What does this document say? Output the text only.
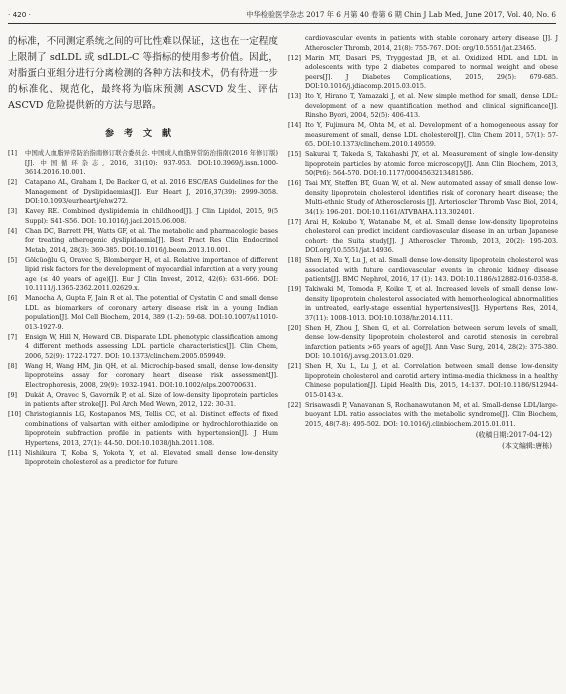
· 420 ·	中华检验医学杂志 2017 年 6 月第 40 卷第 6 期 Chin J Lab Med, June 2017, Vol. 40, No. 6

的标准，不同测定系统之间的可比性难以保证，这也在一定程度上限制了 sdLDL 或 sdLDL-C 等指标的使用参考价值。因此，对脂蛋白亚组分进行分离检测的各种方法和技术，仍有待进一步的标准化、规范化，最终将为临床预测 ASCVD 发生、评估 ASCVD 危险提供新的方法与思路。

参考文献
[1]	中国成人血脂异常防治指南修订联合委员会. 中国成人血脂异常防治指南(2016 年修订版)[J]. 中国循环杂志, 2016, 31(10): 937-953. DOI:10.3969/j.issn.1000-3614.2016.10.001.
[2]	Catapano AL, Graham I, De Backer G, et al. 2016 ESC/EAS Guidelines for the Management of Dyslipidaemias[J]. Eur Heart J, 2016,37(39): 2999-3058. DOI:10.1093/eurheartj/ehw272.
[3]	Kavey RE. Combined dyslipidemia in childhood[J]. J Clin Lipidol, 2015, 9(5 Suppl): S41-S56. DOI: 10.1016/j.jacl.2015.06.008.
[4]	Chan DC, Barrett PH, Watts GF, et al. The metabolic and pharmacologic bases for treating atherogenic dyslipidaemia[J]. Best Pract Res Clin Endocrinol Metab, 2014, 28(3): 369-385. DOI:10.1016/j.beem.2013.10.001.
[5]	Gölcüoğlu G, Oravec S, Blomberger H, et al. Relative importance of different lipid risk factors for the development of myocardial infarction at a very young age (≤ 40 years of age)[J]. Eur J Clin Invest, 2012, 42(6): 631-666. DOI: 10.1111/j.1365-2362.2011.02629.x.
[6]	Manocha A, Gupta F, Jain R et al. The potential of Cystatin C and small dense LDL as biomarkers of coronary artery disease risk in a young Indian population[J]. Mol Cell Biochem, 2014, 389 (1-2): 59-68. DOI:10.1007/s11010-013-1927-9.
[7]	Ensign W, Hill N, Heward CB. Disparate LDL phenotypic classification among 4 different methods assessing LDL particle characteristics[J]. Clin Chem, 2006, 52(9): 1722-1727. DOI: 10.1373/clinchem.2005.059949.
[8]	Wang H, Wang HM, Jin QH, et al. Microchip-based small, dense low-density lipoproteins assay for coronary heart disease risk assessment[J]. Electrophoresis, 2008, 29(9): 1932-1941. DOI:10.1002/elps.200700631.
[9]	Dukát A, Oravec S, Gavorník P, et al. Size of low-density lipoprotein particles in patients after stroke[J]. Pol Arch Med Wewn, 2012, 122: 30-31.
[10] Christogiannis LG, Kostapanos MS, Tellis CC, et al. Distinct effects of fixed combinations of valsartan with either amlodipine or hydrochlorothiazide on lipoprotein subfraction profile in patients with hypertension[J]. J Hum Hypertens, 2013, 27(1): 44-50. DOI:10.1038/jhh.2011.108.
[11] Nishikura T, Koba S, Yokota Y, et al. Elevated small dense low-density lipoprotein cholesterol as a predictor for future
cardiovascular events in patients with stable coronary artery disease [J]. J Atheroscler Thromb, 2014, 21(8): 755-767. DOI: org/10.5551/jat.23465.
[12] Marin MT, Dasari PS, Tryggestad JB, et al. Oxidized HDL and LDL in adolescents with type 2 diabetes compared to normal weight and obese peers[J]. J Diabetes Complications, 2015, 29(5): 679-685. DOI:10.1016/j.jdiacomp.2015.03.015.
[13] Ito Y, Hirano T, Yamazaki J, et al. New simple method for small, dense LDL: development of a new quantification method and clinical significance[J]. Rinsho Byori, 2004, 52(5): 406-413.
[14] Ito Y, Fujimura M, Ohta M, et al. Development of a homogeneous assay for measurement of small, dense LDL cholesterol[J]. Clin Chem 2011, 57(1): 57-65. DOI:10.1373/clinchem.2010.149559.
[15] Sakurai T, Takeda S, Takahashi JY, et al. Measurement of single low-density lipoprotein particles by atomic force microscopy[J]. Ann Clin Biochem, 2013, 50(Pt6): 564-570. DOI:10.1177/0004563213481586.
[16] Tsai MY, Steffen BT, Guan W, et al. New automated assay of small dense low-density lipoprotein cholesterol identifies risk of coronary heart disease; the Multi-ethnic Study of Atherosclerosis [J]. Arterioscler Thromb Vasc Biol, 2014, 34(1): 196-201. DOI:10.1161/ATVBAHA.113.302401.
[17] Arai H, Kokubo Y, Watanabe M, et al. Small dense low-density lipoproteins cholesterol can predict incident cardiovascular disease in an urban Japanese cohort: the Suita study[J]. J Atheroscler Thromb, 2013, 20(2): 195-203. DOI.org/10.5551/jat.14936.
[18] Shen H, Xu Y, Lu J, et al. Small dense low-density lipoprotein cholesterol was associated with future cardiovascular events in chronic kidney disease patients[J]. BMC Nephrol, 2016, 17 (1): 143. DOI:10.1186/s12882-016-0358-8.
[19] Takiwaki M, Tomoda F, Koike T, et al. Increased levels of small dense low-density lipoprotein cholesterol associated with hemorheological abnormalities in untreated, early-stage essential hypertensives[J]. Hypertens Res, 2014, 37(11): 1008-1013. DOI:10.1038/hr.2014.111.
[20] Shen H, Zhou J, Shen G, et al. Correlation between serum levels of small, dense low-density lipoprotein cholesterol and carotid stenosis in cerebral infarction patients >65 years of age[J]. Ann Vasc Surg, 2014, 28(2): 375-380. DOI: 10.1016/j.avsg.2013.01.029.
[21] Shen H, Xu L, Lu J, et al. Correlation between small dense low-density lipoprotein cholesterol and carotid artery intima-media thickness in a healthy Chinese population[J]. Lipid Health Dis, 2015, 14:137. DOI:10.1186/S12944-015-0143-x.
[22] Srisawasdi P, Vanavanan S, Rochanawutanon M, et al. Small-dense LDL/large-buoyant LDL ratio associates with the metabolic syndrome[J]. Clin Biochem, 2015, 48(7-8): 495-502. DOI: 10.1016/j.clinbiochem.2015.01.011.
(收稿日期:2017-04-12)
(本文编辑:唐栋)
